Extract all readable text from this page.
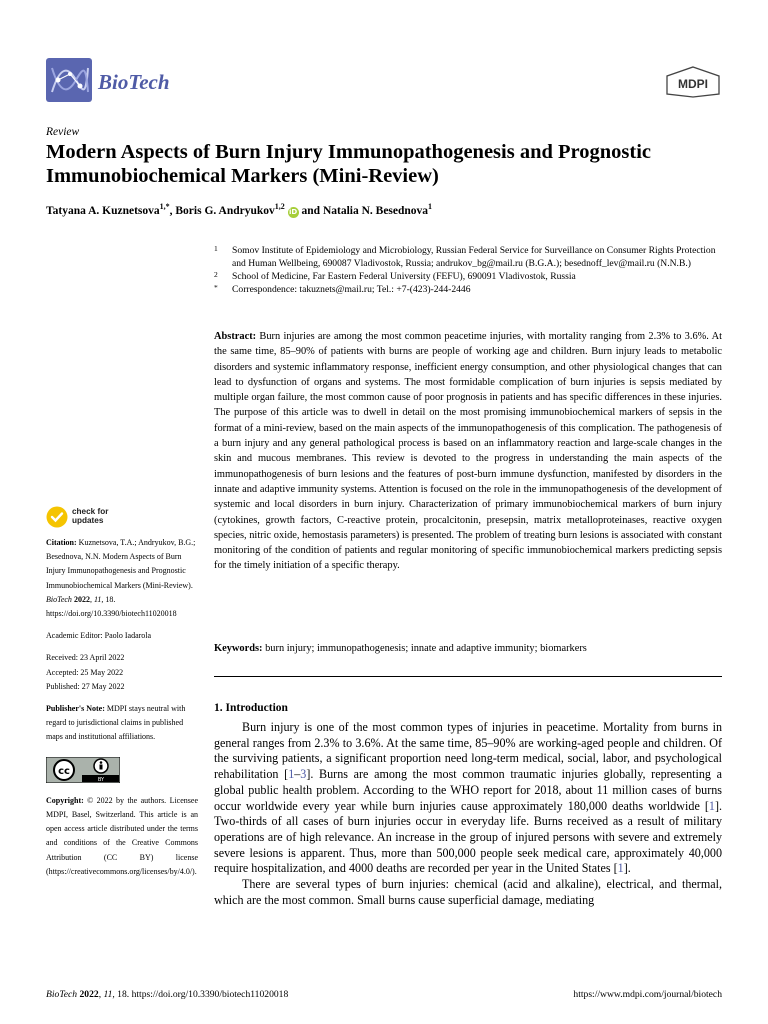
BioTech	MDPI
Review
Modern Aspects of Burn Injury Immunopathogenesis and Prognostic Immunobiochemical Markers (Mini-Review)
Tatyana A. Kuznetsova$^{1,*}$, Boris G. Andryukov$^{1,2}$ iD and Natalia N. Besednova$^1$
1 Somov Institute of Epidemiology and Microbiology, Russian Federal Service for Surveillance on Consumer Rights Protection and Human Wellbeing, 690087 Vladivostok, Russia; andrukov_bg@mail.ru (B.G.A.); besednoff_lev@mail.ru (N.N.B.)
2 School of Medicine, Far Eastern Federal University (FEFU), 690091 Vladivostok, Russia
* Correspondence: takuznets@mail.ru; Tel.: +7-(423)-244-2446
Abstract: Burn injuries are among the most common peacetime injuries, with mortality ranging from 2.3% to 3.6%. At the same time, 85–90% of patients with burns are people of working age and children. Burn injury leads to metabolic disorders and systemic inflammatory response, inefficient energy consumption, and other physiological changes that can lead to dysfunction of organs and systems. The most formidable complication of burn injuries is sepsis mediated by multiple organ failure, the most common cause of poor prognosis in patients and has specific differences in these injuries. The purpose of this article was to dwell in detail on the most promising immunobiochemical markers of sepsis in the format of a mini-review, based on the main aspects of the immunopathogenesis of this complication. The pathogenesis of a burn injury and any general pathological process is based on an inflammatory reaction and large-scale changes in the skin and mucous membranes. This review is devoted to the progress in understanding the main aspects of the immunopathogenesis of burn lesions and the features of post-burn immune dysfunction, manifested by disorders in the innate and adaptive immunity systems. Attention is focused on the role in the immunopathogenesis of the development of systemic and local disorders in burn injury. Characterization of primary immunobiochemical markers of burn injury (cytokines, growth factors, C-reactive protein, procalcitonin, presepsin, matrix metalloproteinases, reactive oxygen species, nitric oxide, hemostasis parameters) is presented. The problem of treating burn lesions is associated with constant monitoring of the condition of patients and regular monitoring of specific immunobiochemical markers predicting sepsis for the timely initiation of a specific therapy.
Keywords: burn injury; immunopathogenesis; innate and adaptive immunity; biomarkers
1. Introduction

Burn injury is one of the most common types of injuries in peacetime. Mortality from burns in general ranges from 2.3% to 3.6%. At the same time, 85–90% are working-aged people and children. Of the surviving patients, a significant proportion need long-term medical, social, labor, and psychological rehabilitation [1–3]. Burns are among the most common traumatic injuries globally, representing a global public health problem. According to the WHO report for 2018, about 11 million cases of burns occur worldwide every year while burn injuries cause approximately 180,000 deaths worldwide [1]. Two-thirds of all cases of burn injuries occur in everyday life. Burns received as a result of military operations are of high relevance. An increase in the group of injured persons with severe and extremely severe lesions is apparent. Thus, more than 500,000 people seek medical care, approximately 40,000 require hospitalization, and 4000 deaths are recorded per year in the United States [1].

There are several types of burn injuries: chemical (acid and alkaline), electrical, and thermal, which are the most common. Small burns cause superficial damage, mediating

check for
updates
Citation: Kuznetsova, T.A.; Andryukov, B.G.; Besednova, N.N. Modern Aspects of Burn Injury Immunopathogenesis and Prognostic Immunobiochemical Markers (Mini-Review). BioTech 2022, 11, 18. https://doi.org/10.3390/biotech11020018
Academic Editor: Paolo Iadarola
Received: 23 April 2022
Accepted: 25 May 2022
Published: 27 May 2022
Publisher's Note: MDPI stays neutral with regard to jurisdictional claims in published maps and institutional affiliations.
cc
BY
Copyright: © 2022 by the authors. Licensee MDPI, Basel, Switzerland. This article is an open access article distributed under the terms and conditions of the Creative Commons Attribution (CC BY) license (https://creativecommons.org/licenses/by/4.0/).
BioTech 2022, 11, 18. https://doi.org/10.3390/biotech11020018	https://www.mdpi.com/journal/biotech
